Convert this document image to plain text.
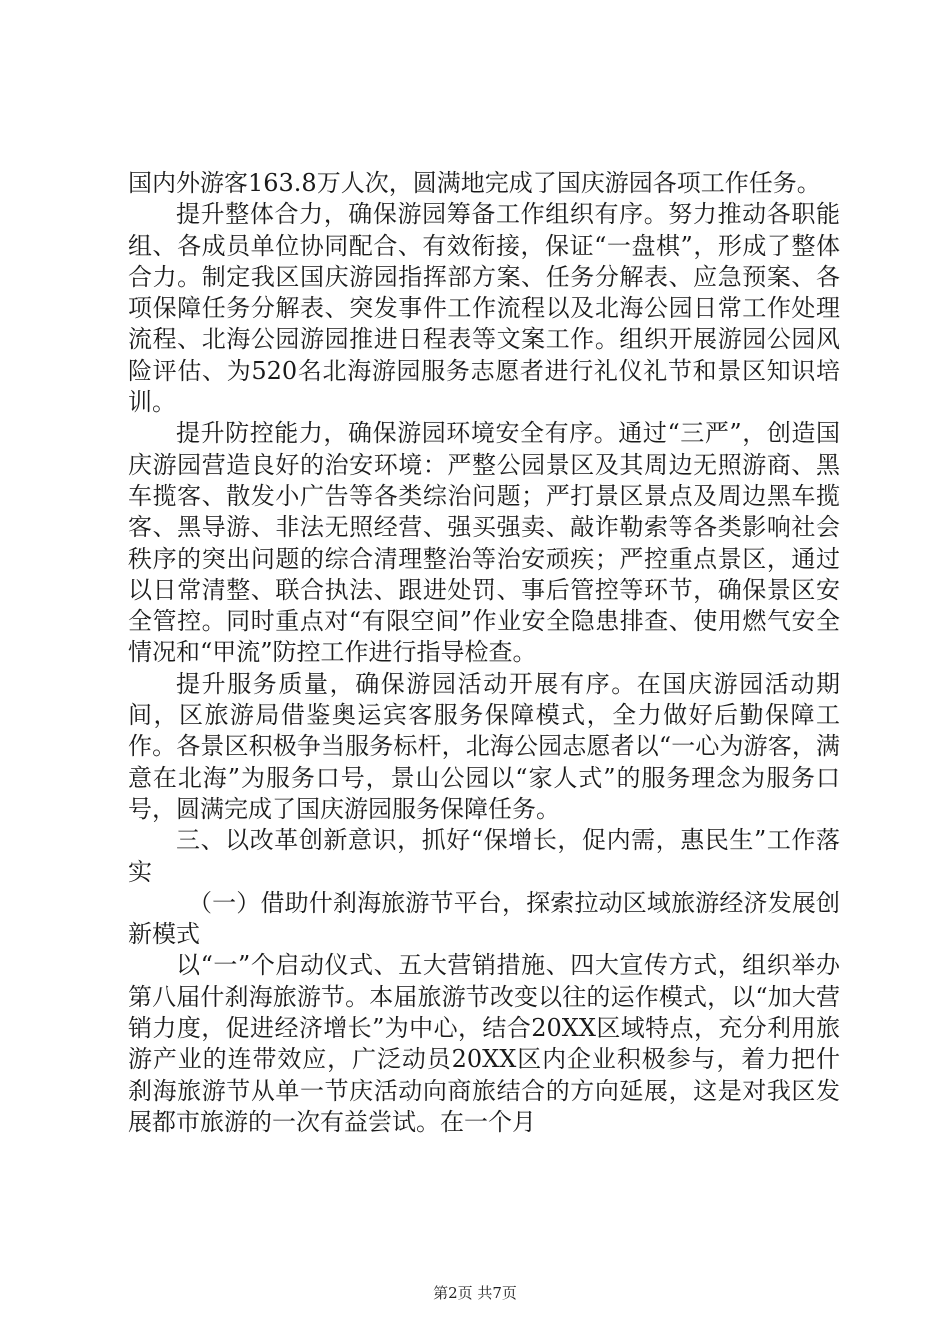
国内外游客163.8万人次，圆满地完成了国庆游园各项工作任务。

提升整体合力，确保游园筹备工作组织有序。努力推动各职能组、各成员单位协同配合、有效衔接，保证“一盘棋”，形成了整体合力。制定我区国庆游园指挥部方案、任务分解表、应急预案、各项保障任务分解表、突发事件工作流程以及北海公园日常工作处理流程、北海公园游园推进日程表等文案工作。组织开展游园公园风险评估、为520名北海游园服务志愿者进行礼仪礼节和景区知识培训。

提升防控能力，确保游园环境安全有序。通过“三严”，创造国庆游园营造良好的治安环境：严整公园景区及其周边无照游商、黑车揽客、散发小广告等各类综治问题；严打景区景点及周边黑车揽客、黑导游、非法无照经营、强买强卖、敲诈勒索等各类影响社会秩序的突出问题的综合清理整治等治安顽疾；严控重点景区，通过以日常清整、联合执法、跟进处罚、事后管控等环节，确保景区安全管控。同时重点对“有限空间”作业安全隐患排查、使用燃气安全情况和“甲流”防控工作进行指导检查。

提升服务质量，确保游园活动开展有序。在国庆游园活动期间，区旅游局借鉴奥运宾客服务保障模式，全力做好后勤保障工作。各景区积极争当服务标杆，北海公园志愿者以“一心为游客，满意在北海”为服务口号，景山公园以“家人式”的服务理念为服务口号，圆满完成了国庆游园服务保障任务。

三、以改革创新意识，抓好“保增长，促内需，惠民生”工作落实

（一）借助什刹海旅游节平台，探索拉动区域旅游经济发展创新模式

以“一”个启动仪式、五大营销措施、四大宣传方式，组织举办第八届什刹海旅游节。本届旅游节改变以往的运作模式，以“加大营销力度，促进经济增长”为中心，结合20XX区域特点，充分利用旅游产业的连带效应，广泛动员20XX区内企业积极参与，着力把什刹海旅游节从单一节庆活动向商旅结合的方向延展，这是对我区发展都市旅游的一次有益尝试。在一个月

第2页 共7页
